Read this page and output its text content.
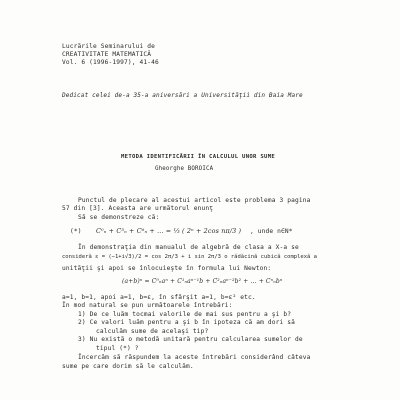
Lucrările Seminarului de
CREATIVITATE MATEMATICĂ
Vol. 6 (1996-1997), 41-46
Dedicat celei de-a 35-a aniversări a Universităţii din Baia Mare
METODA IDENTIFICĂRII ÎN CALCULUL UNOR SUME
Gheorghe BOROICA
Punctul de plecare al acestui articol este problema 3 pagina
57 din [3]. Aceasta are următorul enunţ
Să se demonstreze că:
(*) C⁰ₙ + C³ₙ + C⁶ₙ + ... = ⅓ ( 2ⁿ + 2cos nπ/3 ) , unde n∈N*
În demonstraţia din manualul de algebră de clasa a X-a se
consideră ε = (−1+i√3)/2 = cos 2π/3 + i sin 2π/3 o rădăcină cubică complexă a
unităţii şi apoi se înlocuieşte în formula lui Newton:
(a+b)ⁿ = C⁰ₙaⁿ + C¹ₙaⁿ⁻¹b + C²ₙaⁿ⁻²b² + ... + Cⁿₙbⁿ
a=1, b=1, apoi a=1, b=ε, în sfârşit a=1, b=ε² etc.
În mod natural se pun următoarele întrebări:
1) De ce luăm tocmai valorile de mai sus pentru a şi b?
2) Ce valori luăm pentru a şi b în ipoteza că am dori să
calculăm sume de acelaşi tip?
3) Nu există o metodă unitară pentru calcularea sumelor de
tipul (*) ?
Încercăm să răspundem la aceste întrebări considerând câteva
sume pe care dorim să le calculăm.
